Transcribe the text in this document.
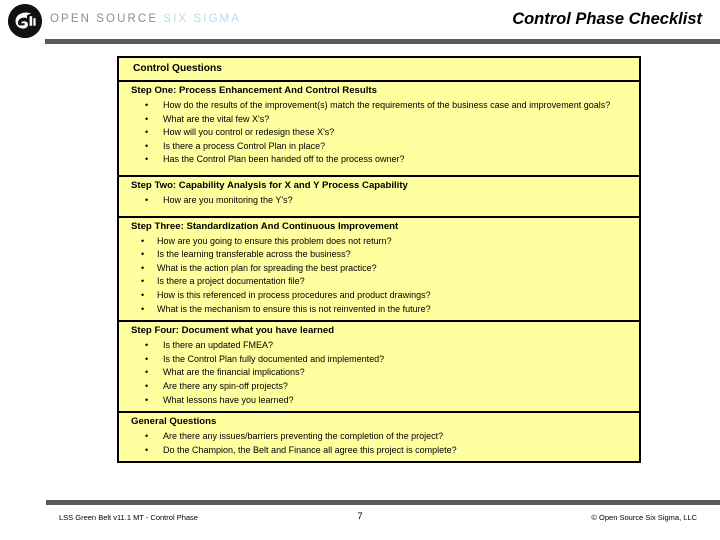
OPEN SOURCE SIX SIGMA	Control Phase Checklist
Control Questions
Step One: Process Enhancement And Control Results
• How do the results of the improvement(s) match the requirements of the business case and improvement goals?
• What are the vital few X's?
• How will you control or redesign these X's?
• Is there a process Control Plan in place?
• Has the Control Plan been handed off to the process owner?
Step Two: Capability Analysis for X and Y Process Capability
• How are you monitoring the Y's?
Step Three: Standardization And Continuous Improvement
• How are you going to ensure this problem does not return?
• Is the learning transferable across the business?
• What is the action plan for spreading the best practice?
• Is there a project documentation file?
• How is this referenced in process procedures and product drawings?
• What is the mechanism to ensure this is not reinvented in the future?
Step Four: Document what you have learned
• Is there an updated FMEA?
• Is the Control Plan fully documented and implemented?
• What are the financial implications?
• Are there any spin-off projects?
• What lessons have you learned?
General Questions
• Are there any issues/barriers preventing the completion of the project?
• Do the Champion, the Belt and Finance all agree this project is complete?
LSS Green Belt v11.1 MT - Control Phase	7	© Open Source Six Sigma, LLC
